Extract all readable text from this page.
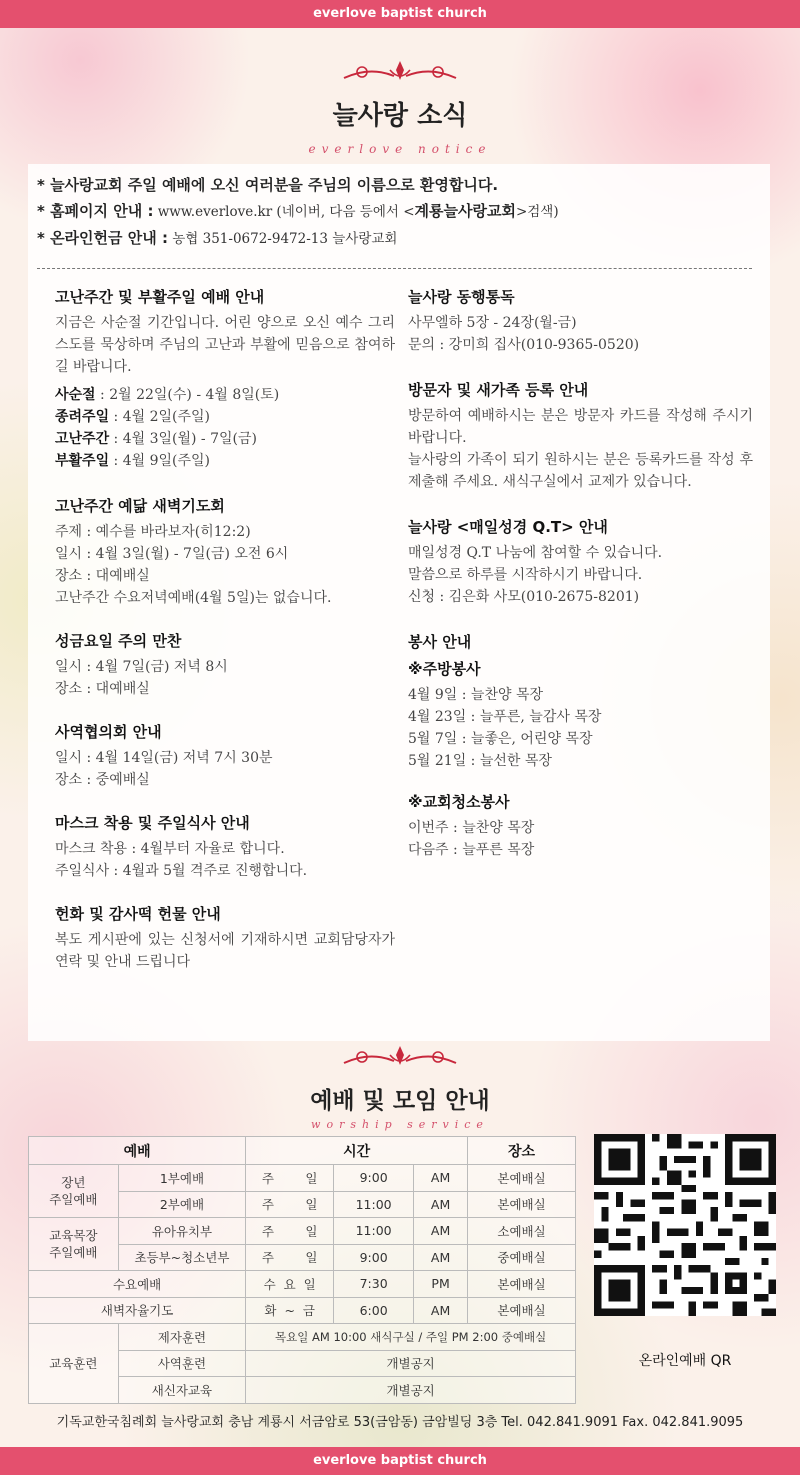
everlove baptist church
늘사랑 소식
everlove notice
* 늘사랑교회 주일 예배에 오신 여러분을 주님의 이름으로 환영합니다.
* 홈페이지 안내 : www.everlove.kr (네이버, 다음 등에서 <계룡늘사랑교회>검색)
* 온라인헌금 안내 : 농협 351-0672-9472-13 늘사랑교회
고난주간 및 부활주일 예배 안내
지금은 사순절 기간입니다. 어린 양으로 오신 예수 그리스도를 묵상하며 주님의 고난과 부활에 믿음으로 참여하길 바랍니다.
사순절 : 2월 22일(수) - 4월 8일(토)
종려주일 : 4월 2일(주일)
고난주간 : 4월 3일(월) - 7일(금)
부활주일 : 4월 9일(주일)
고난주간 예닮 새벽기도회
주제 : 예수를 바라보자(히12:2)
일시 : 4월 3일(월) - 7일(금) 오전 6시
장소 : 대예배실
고난주간 수요저녁예배(4월 5일)는 없습니다.
성금요일 주의 만찬
일시 : 4월 7일(금) 저녁 8시
장소 : 대예배실
사역협의회 안내
일시 : 4월 14일(금) 저녁 7시 30분
장소 : 중예배실
마스크 착용 및 주일식사 안내
마스크 착용 : 4월부터 자율로 합니다.
주일식사 : 4월과 5월 격주로 진행합니다.
헌화 및 감사떡 헌물 안내
복도 게시판에 있는 신청서에 기재하시면 교회담당자가 연락 및 안내 드립니다
늘사랑 동행통독
사무엘하 5장 - 24장(월-금)
문의 : 강미희 집사(010-9365-0520)
방문자 및 새가족 등록 안내
방문하여 예배하시는 분은 방문자 카드를 작성해 주시기 바랍니다.
늘사랑의 가족이 되기 원하시는 분은 등록카드를 작성 후 제출해 주세요. 새식구실에서 교제가 있습니다.
늘사랑 <매일성경 Q.T> 안내
매일성경 Q.T 나눔에 참여할 수 있습니다.
말씀으로 하루를 시작하시기 바랍니다.
신청 : 김은화 사모(010-2675-8201)
봉사 안내
※주방봉사
4월 9일 : 늘찬양 목장
4월 23일 : 늘푸른, 늘감사 목장
5월 7일 : 늘좋은, 어린양 목장
5월 21일 : 늘선한 목장
※교회청소봉사
이번주 : 늘찬양 목장
다음주 : 늘푸른 목장
예배 및 모임 안내
worship service
예배		시간				장소
장년
주일예배	1부예배	주	일	9:00	AM	본예배실
	2부예배	주	일	11:00	AM	본예배실
교육목장
주일예배	유아유치부	주	일	11:00	AM	소예배실
	초등부~청소년부	주	일	9:00	AM	중예배실
수요예배		수  요  일		7:30	PM	본예배실
새벽자율기도		화  ~  금		6:00	AM	본예배실
교육훈련	제자훈련	목요일 AM 10:00 새식구실 / 주일 PM 2:00 중예배실				
	사역훈련	개별공지				
	새신자교육	개별공지				
온라인예배 QR
기독교한국침례회 늘사랑교회 충남 계룡시 서금암로 53(금암동) 금암빌딩 3층 Tel. 042.841.9091 Fax. 042.841.9095
everlove baptist church
